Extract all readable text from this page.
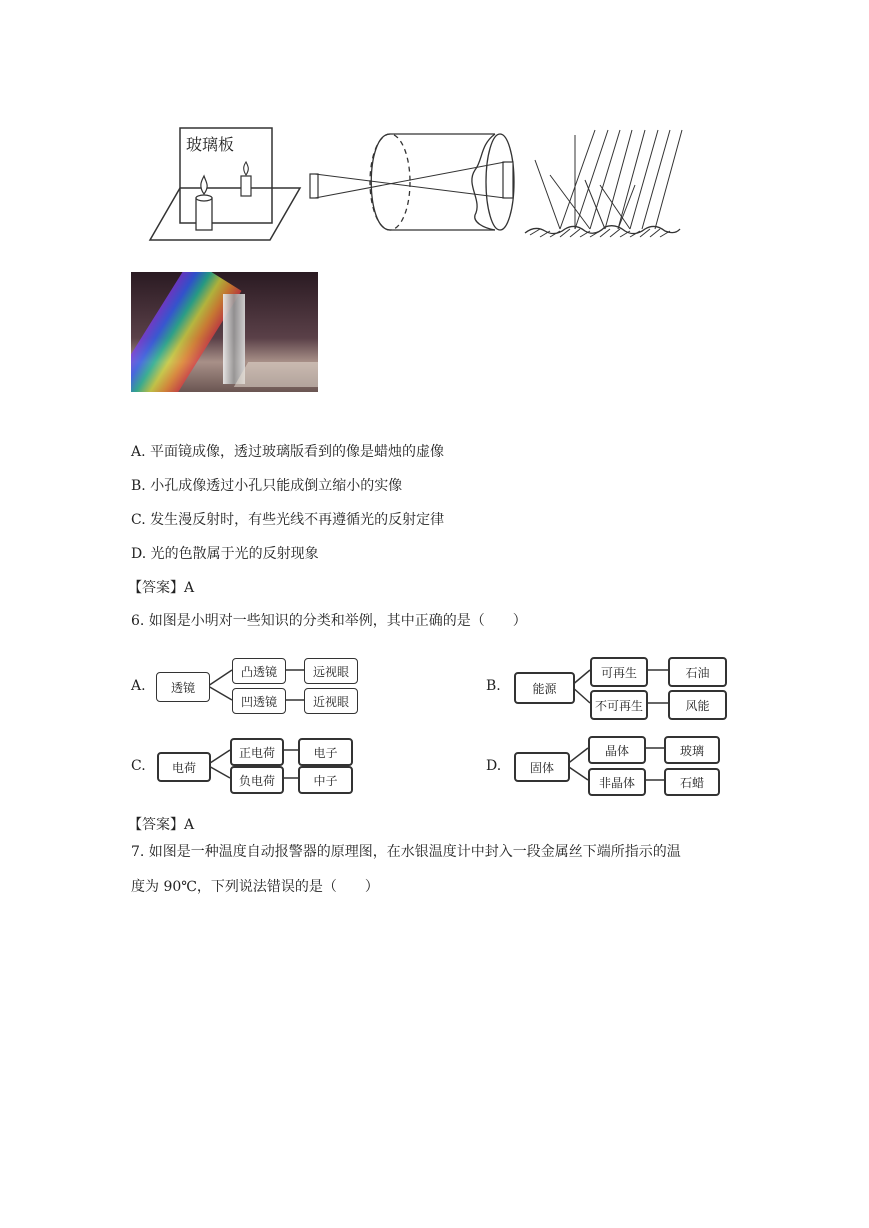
玻璃板
A. 平面镜成像，透过玻璃版看到的像是蜡烛的虚像
B. 小孔成像透过小孔只能成倒立缩小的实像
C. 发生漫反射时，有些光线不再遵循光的反射定律
D. 光的色散属于光的反射现象
【答案】A
6. 如图是小明对一些知识的分类和举例，其中正确的是（　　）
A.	透镜
凸透镜
凹透镜
远视眼
近视眼
B.	能源
可再生
不可再生
石油
风能
C.	电荷
正电荷
负电荷
电子
中子
D.	固体
晶体
非晶体
玻璃
石蜡
【答案】A
7. 如图是一种温度自动报警器的原理图，在水银温度计中封入一段金属丝下端所指示的温
度为 90℃，下列说法错误的是（　　）
